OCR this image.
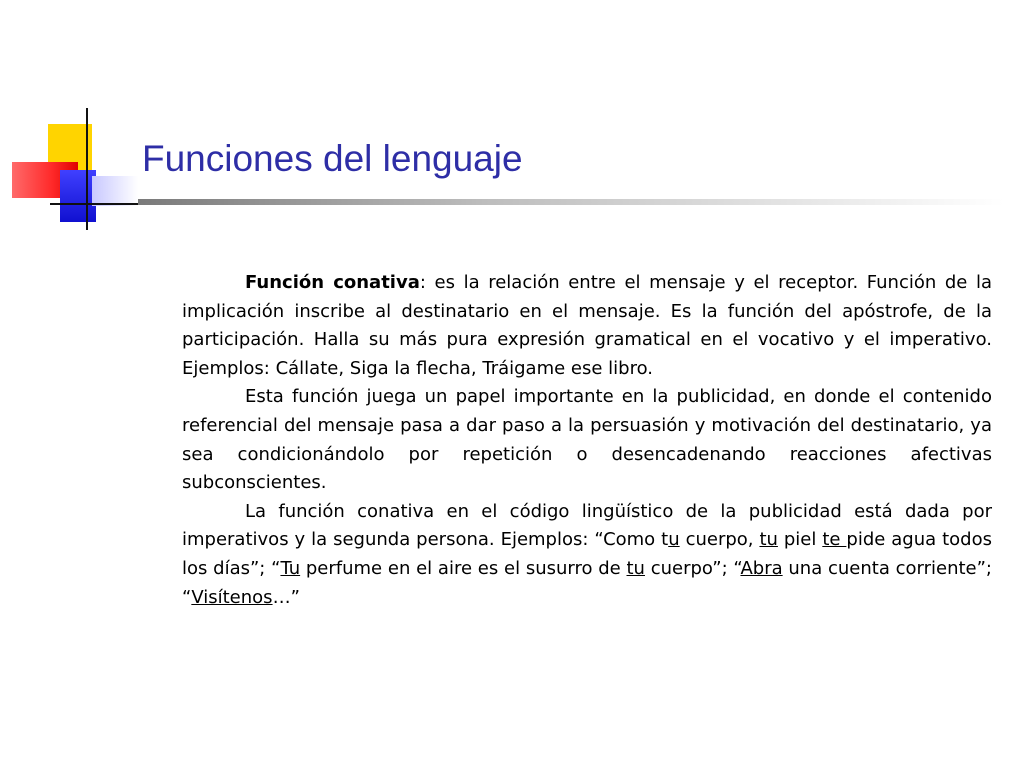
Funciones del lenguaje

Función conativa: es la relación entre el mensaje y el receptor. Función de la implicación inscribe al destinatario en el mensaje. Es la función del apóstrofe, de la participación. Halla su más pura expresión gramatical en el vocativo y el imperativo. Ejemplos: Cállate, Siga la flecha, Tráigame ese libro.

Esta función juega un papel importante en la publicidad, en donde el contenido referencial del mensaje pasa a dar paso a la persuasión y motivación del destinatario, ya sea condicionándolo por repetición o desencadenando reacciones afectivas subconscientes.

La función conativa en el código lingüístico de la publicidad está dada por imperativos y la segunda persona. Ejemplos: “Como tu cuerpo, tu piel te pide agua todos los días”; “Tu perfume en el aire es el susurro de tu cuerpo”; “Abra una cuenta corriente”; “Visítenos…”
